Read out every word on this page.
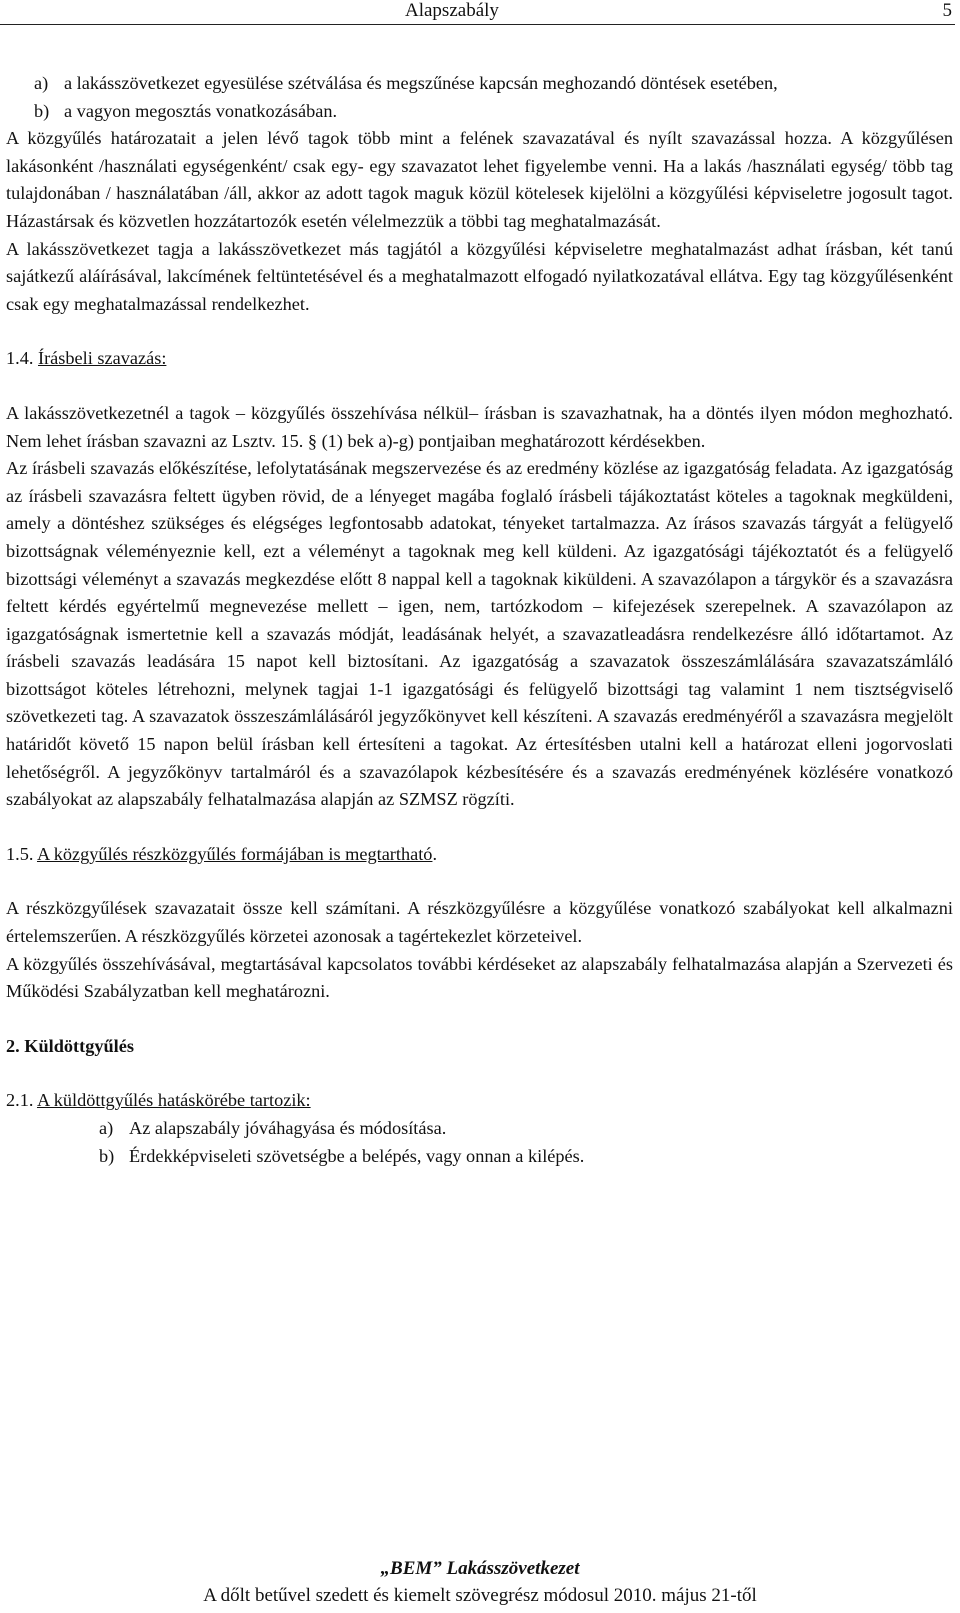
Alapszabály	5
a) a lakásszövetkezet egyesülése szétválása és megszűnése kapcsán meghozandó döntések esetében,
b) a vagyon megosztás vonatkozásában.

A közgyűlés határozatait a jelen lévő tagok több mint a felének szavazatával és nyílt szavazással hozza. A közgyűlésen lakásonként /használati egységenként/ csak egy- egy szavazatot lehet figyelembe venni. Ha a lakás /használati egység/ több tag tulajdonában / használatában /áll, akkor az adott tagok maguk közül kötelesek kijelölni a közgyűlési képviseletre jogosult tagot. Házastársak és közvetlen hozzátartozók esetén vélelmezzük a többi tag meghatalmazását.

A lakásszövetkezet tagja a lakásszövetkezet más tagjától a közgyűlési képviseletre meghatalmazást adhat írásban, két tanú sajátkezű aláírásával, lakcímének feltüntetésével és a meghatalmazott elfogadó nyilatkozatával ellátva. Egy tag közgyűlésenként csak egy meghatalmazással rendelkezhet.

1.4. Írásbeli szavazás:

A lakásszövetkezetnél a tagok – közgyűlés összehívása nélkül– írásban is szavazhatnak, ha a döntés ilyen módon meghozható. Nem lehet írásban szavazni az Lsztv. 15. § (1) bek a)-g) pontjaiban meghatározott kérdésekben.

Az írásbeli szavazás előkészítése, lefolytatásának megszervezése és az eredmény közlése az igazgatóság feladata. Az igazgatóság az írásbeli szavazásra feltett ügyben rövid, de a lényeget magába foglaló írásbeli tájákoztatást köteles a tagoknak megküldeni, amely a döntéshez szükséges és elégséges legfontosabb adatokat, tényeket tartalmazza. Az írásos szavazás tárgyát a felügyelő bizottságnak véleményeznie kell, ezt a véleményt a tagoknak meg kell küldeni. Az igazgatósági tájékoztatót és a felügyelő bizottsági véleményt a szavazás megkezdése előtt 8 nappal kell a tagoknak kiküldeni. A szavazólapon a tárgykör és a szavazásra feltett kérdés egyértelmű megnevezése mellett – igen, nem, tartózkodom – kifejezések szerepelnek. A szavazólapon az igazgatóságnak ismertetnie kell a szavazás módját, leadásának helyét, a szavazatleadásra rendelkezésre álló időtartamot. Az írásbeli szavazás leadására 15 napot kell biztosítani. Az igazgatóság a szavazatok összeszámlálására szavazatszámláló bizottságot köteles létrehozni, melynek tagjai 1-1 igazgatósági és felügyelő bizottsági tag valamint 1 nem tisztségviselő szövetkezeti tag. A szavazatok összeszámlálásáról jegyzőkönyvet kell készíteni. A szavazás eredményéről a szavazásra megjelölt határidőt követő 15 napon belül írásban kell értesíteni a tagokat. Az értesítésben utalni kell a határozat elleni jogorvoslati lehetőségről. A jegyzőkönyv tartalmáról és a szavazólapok kézbesítésére és a szavazás eredményének közlésére vonatkozó szabályokat az alapszabály felhatalmazása alapján az SZMSZ rögzíti.

1.5. A közgyűlés részközgyűlés formájában is megtartható.

A részközgyűlések szavazatait össze kell számítani. A részközgyűlésre a közgyűlése vonatkozó szabályokat kell alkalmazni értelemszerűen. A részközgyűlés körzetei azonosak a tagértekezlet körzeteivel.

A közgyűlés összehívásával, megtartásával kapcsolatos további kérdéseket az alapszabály felhatalmazása alapján a Szervezeti és Működési Szabályzatban kell meghatározni.

2. Küldöttgyűlés

2.1. A küldöttgyűlés hatáskörébe tartozik:

a) Az alapszabály jóváhagyása és módosítása.
b) Érdekképviseleti szövetségbe a belépés, vagy onnan a kilépés.
„BEM” Lakásszövetkezet
A dőlt betűvel szedett és kiemelt szövegrész módosul 2010. május 21-től
